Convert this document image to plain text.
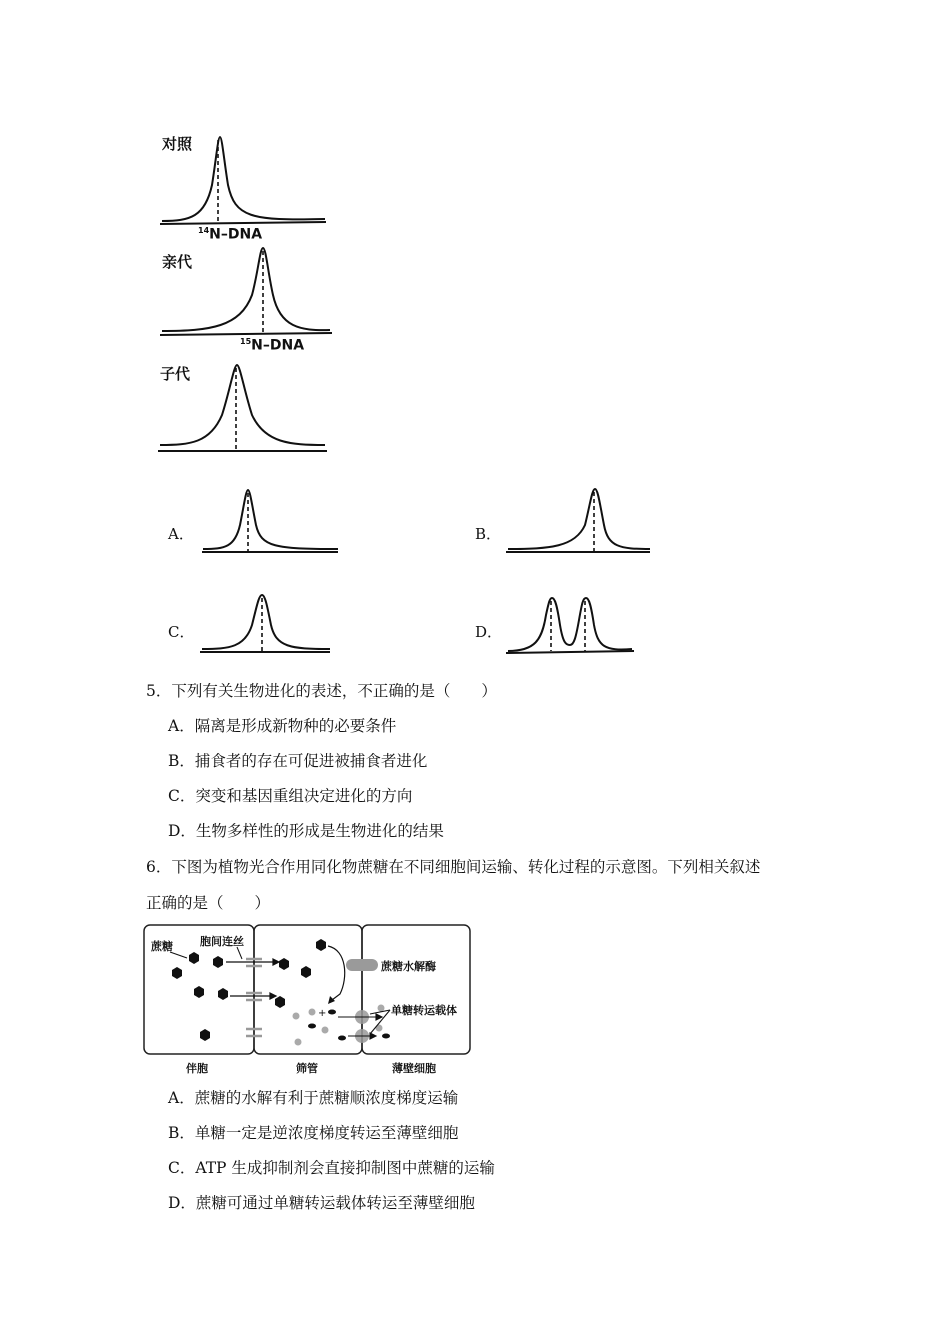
对照
亲代
子代
$^{14}$N–DNA
$^{15}$N–DNA
A．	B．
C．	D．
5．下列有关生物进化的表述，不正确的是（　　）
A．隔离是形成新物种的必要条件
B．捕食者的存在可促进被捕食者进化
C．突变和基因重组决定进化的方向
D．生物多样性的形成是生物进化的结果
6．下图为植物光合作用同化物蔗糖在不同细胞间运输、转化过程的示意图。下列相关叙述
正确的是（　　）
+
蔗糖 胞间连丝
蔗糖水解酶
单糖转运载体
伴胞	筛管	薄壁细胞
A．蔗糖的水解有利于蔗糖顺浓度梯度运输
B．单糖一定是逆浓度梯度转运至薄壁细胞
C．ATP 生成抑制剂会直接抑制图中蔗糖的运输
D．蔗糖可通过单糖转运载体转运至薄壁细胞
